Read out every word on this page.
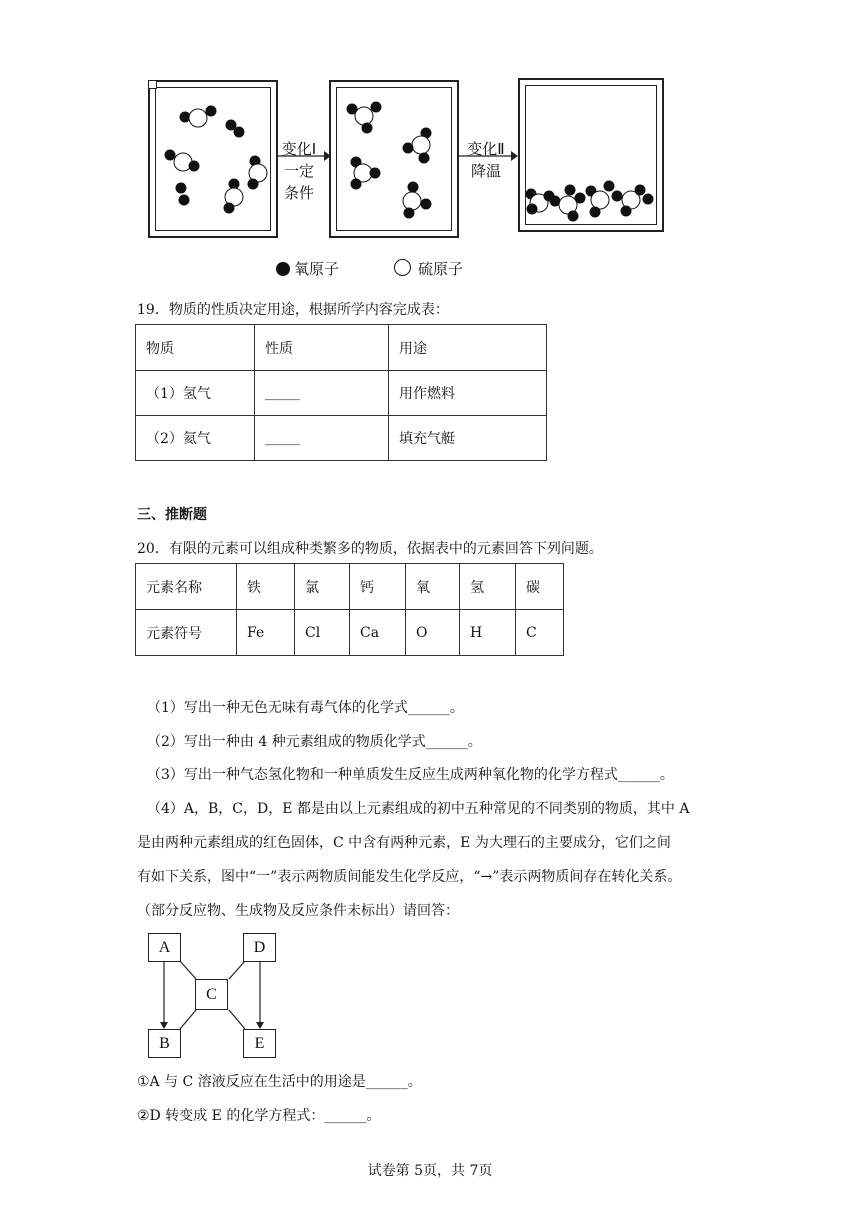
变化Ⅰ
一定
条件
变化Ⅱ
降温
氧原子	硫原子
19．物质的性质决定用途，根据所学内容完成表：
物质	性质	用途
（1）氢气	_____	用作燃料
（2）氦气	_____	填充气艇
三、推断题
20．有限的元素可以组成种类繁多的物质，依据表中的元素回答下列问题。
元素名称	铁	氯	钙	氧	氢	碳
元素符号	Fe	Cl	Ca	O	H	C
（1）写出一种无色无味有毒气体的化学式______。
（2）写出一种由 4 种元素组成的物质化学式______。
（3）写出一种气态氢化物和一种单质发生反应生成两种氧化物的化学方程式______。
（4）A，B，C，D，E 都是由以上元素组成的初中五种常见的不同类别的物质，其中 A
是由两种元素组成的红色固体，C 中含有两种元素，E 为大理石的主要成分，它们之间
有如下关系，图中“一”表示两物质间能发生化学反应，“→”表示两物质间存在转化关系。
（部分反应物、生成物及反应条件未标出）请回答：
A	D
C
B	E
①A 与 C 溶液反应在生活中的用途是______。
②D 转变成 E 的化学方程式：______。
试卷第 5页，共 7页
